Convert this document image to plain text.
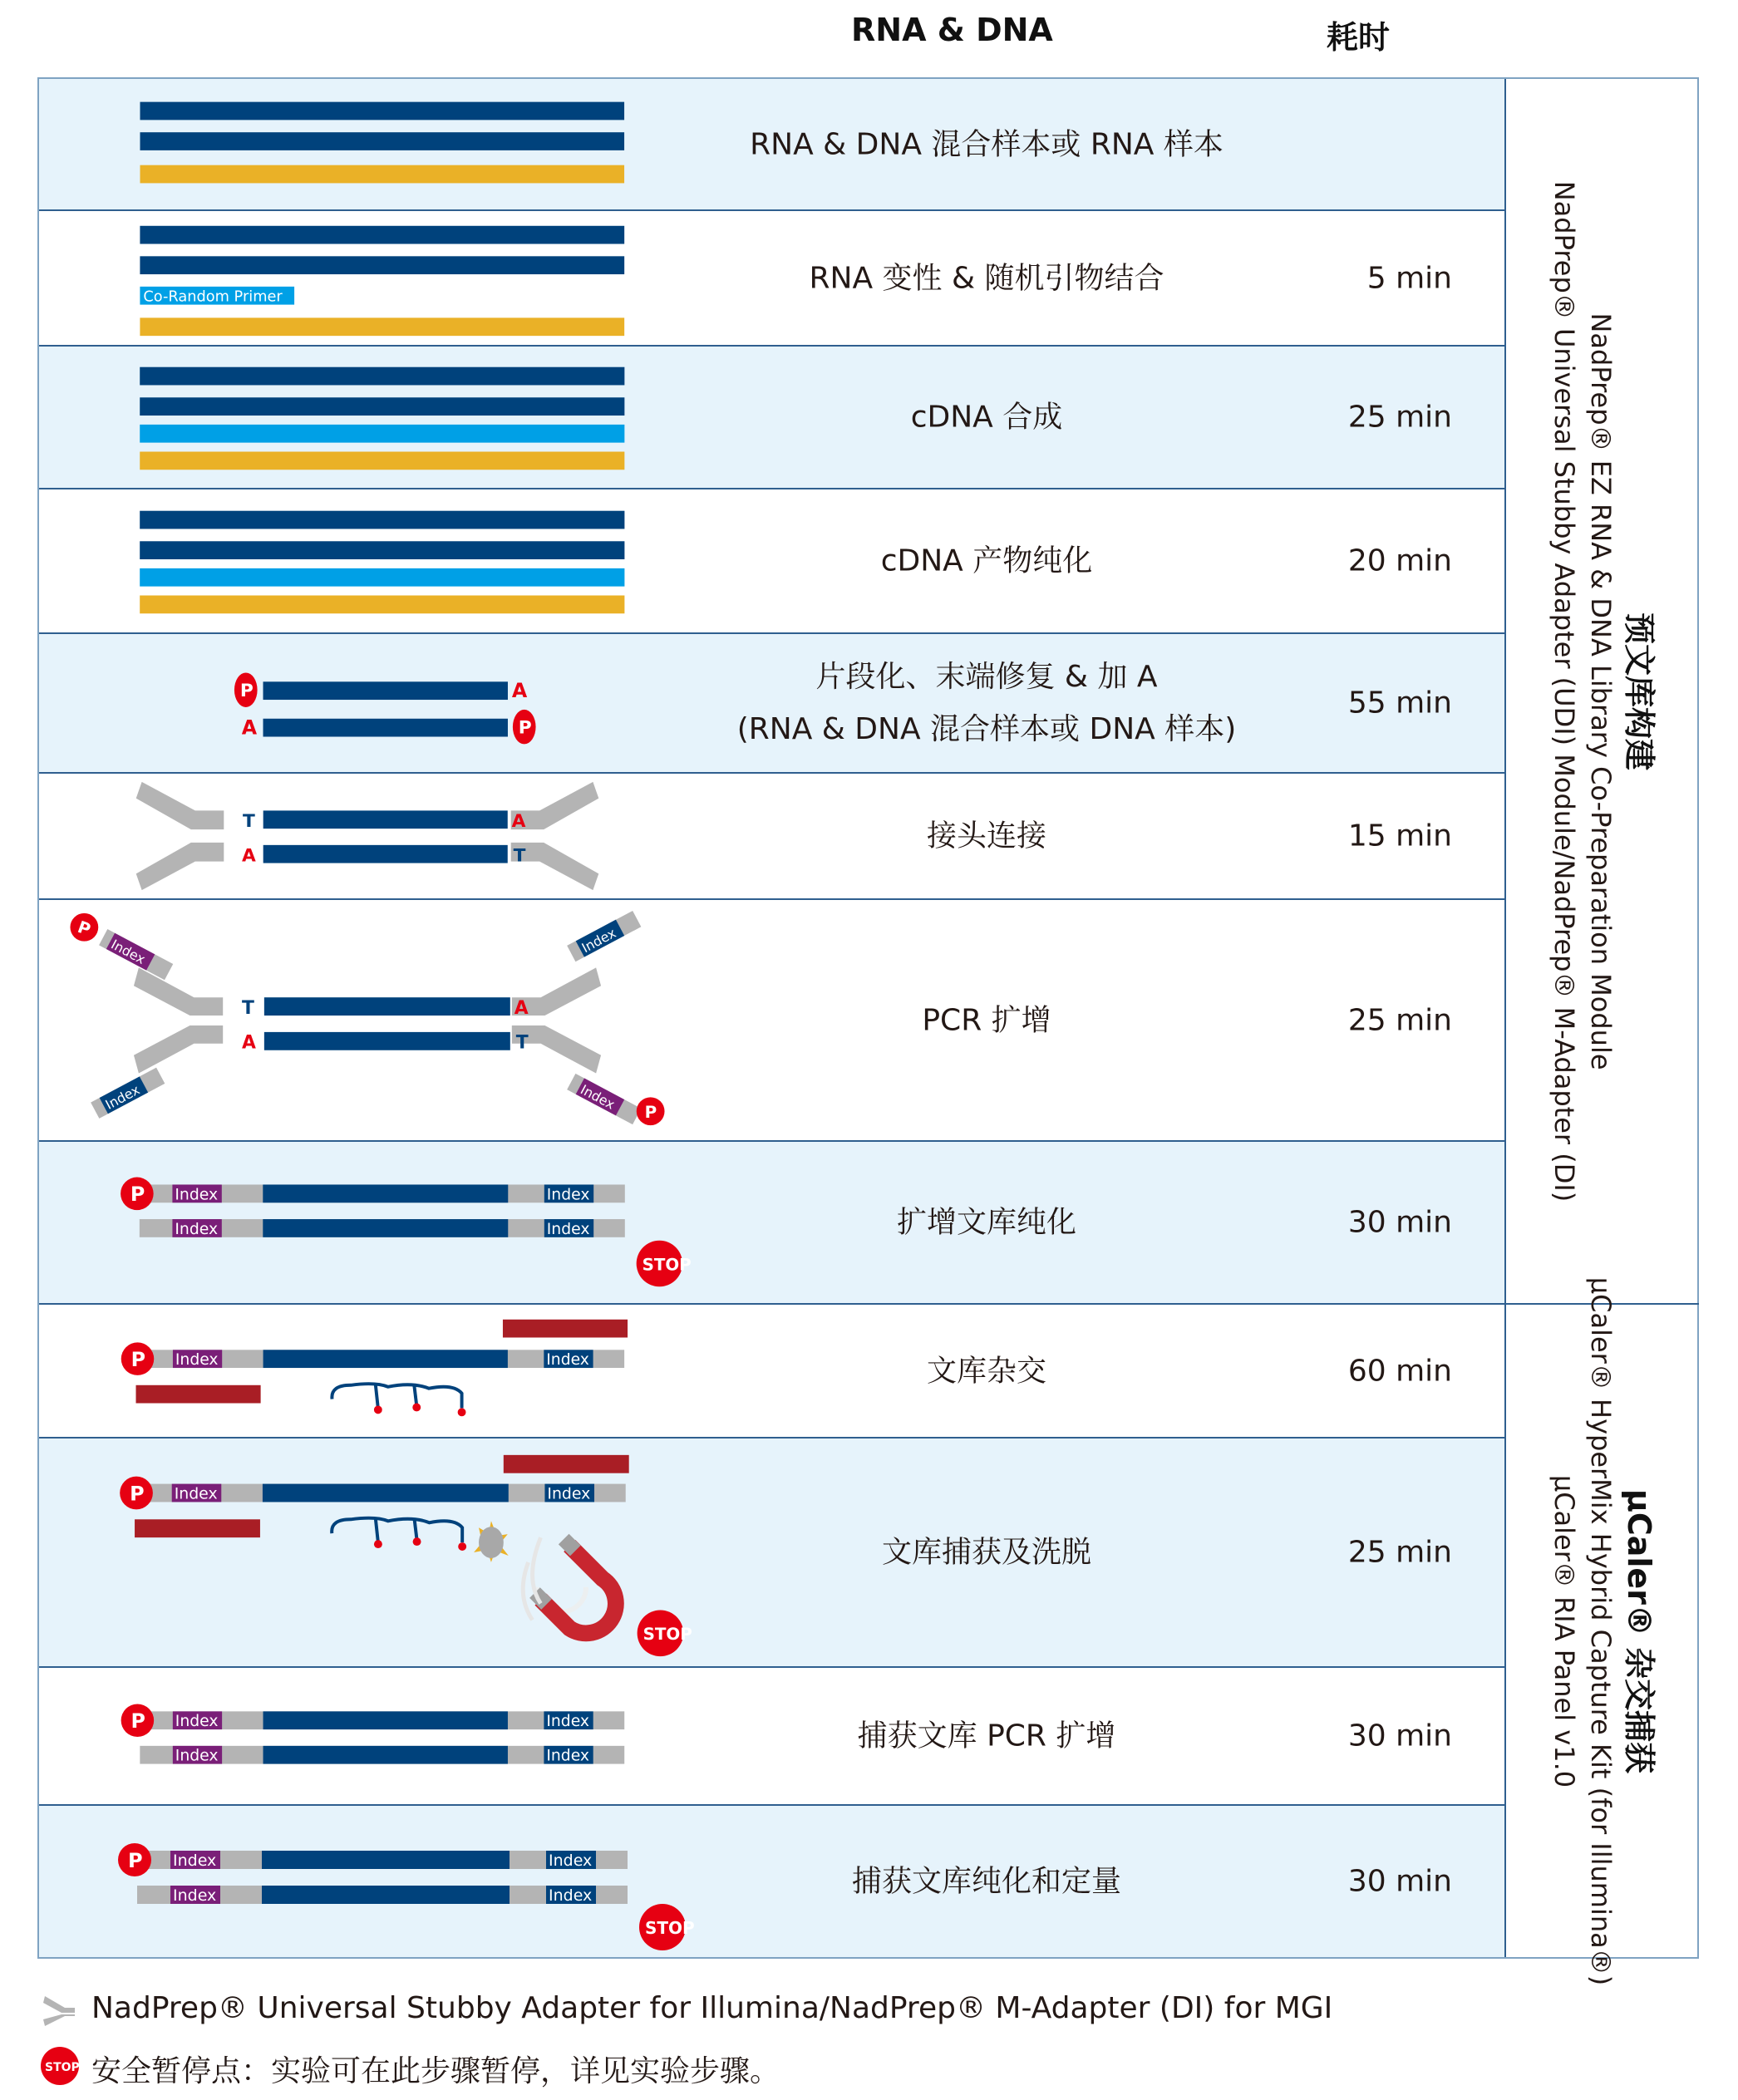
RNA & DNA	耗时
RNA & DNA 混合样本或 RNA 样本
Co-Random Primer
RNA 变性 & 随机引物结合	5 min
cDNA 合成	25 min
cDNA 产物纯化	20 min
P	A
A	P
片段化、末端修复 & 加 A
(RNA & DNA 混合样本或 DNA 样本)
55 min
T
A
A
T
接头连接	15 min
Index
P
Index
Index
Index
P
T
A
A
T
PCR 扩增	25 min
Index	Index
P
Index	Index
STOP
扩增文库纯化	30 min
Index	Index
P	文库杂交	60 min
Index	Index
P
STOP
文库捕获及洗脱	25 min
Index	Index
P
Index	Index
捕获文库 PCR 扩增	30 min
Index	Index
P
Index	Index
STOP
捕获文库纯化和定量	30 min
预文库构建
NadPrep® EZ RNA & DNA Library Co-Preparation Module
NadPrep® Universal Stubby Adapter (UDI) Module/NadPrep® M-Adapter (DI)
µCaler® 杂交捕获
µCaler® HyperMix Hybrid Capture Kit (for Illumina®)
µCaler® RIA Panel v1.0
NadPrep® Universal Stubby Adapter for Illumina/NadPrep® M-Adapter (DI) for MGI
STOP 安全暂停点：实验可在此步骤暂停，详见实验步骤。
